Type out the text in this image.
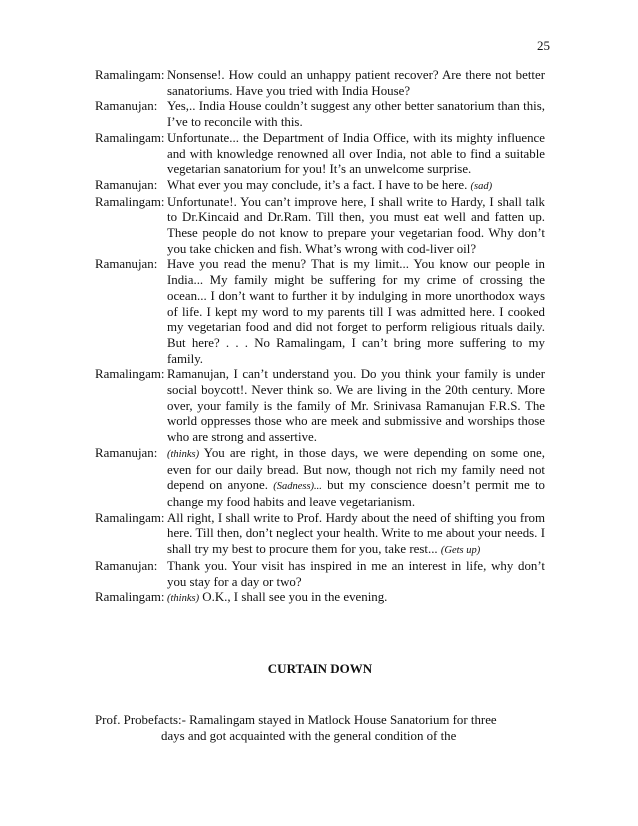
25
Ramalingam: Nonsense!. How could an unhappy patient recover? Are there not better sanatoriums. Have you tried with India House?
Ramanujan: Yes,.. India House couldn’t suggest any other better sanatorium than this, I’ve to reconcile with this.
Ramalingam: Unfortunate... the Department of India Office, with its mighty influence and with knowledge renowned all over India, not able to find a suitable vegetarian sanatorium for you! It’s an unwelcome surprise.
Ramanujan: What ever you may conclude, it’s a fact. I have to be here. (sad)
Ramalingam: Unfortunate!. You can’t improve here, I shall write to Hardy, I shall talk to Dr.Kincaid and Dr.Ram. Till then, you must eat well and fatten up. These people do not know to prepare your vegetarian food. Why don’t you take chicken and fish. What’s wrong with cod-liver oil?
Ramanujan: Have you read the menu? That is my limit... You know our people in India... My family might be suffering for my crime of crossing the ocean... I don’t want to further it by indulging in more unorthodox ways of life. I kept my word to my parents till I was admitted here. I cooked my vegetarian food and did not forget to perform religious rituals daily. But here? . . . No Ramalingam, I can’t bring more suffering to my family.
Ramalingam: Ramanujan, I can’t understand you. Do you think your family is under social boycott!. Never think so. We are living in the 20th century. More over, your family is the family of Mr. Srinivasa Ramanujan F.R.S. The world oppresses those who are meek and submissive and worships those who are strong and assertive.
Ramanujan: (thinks) You are right, in those days, we were depending on some one, even for our daily bread. But now, though not rich my family need not depend on anyone. (Sadness)... but my conscience doesn’t permit me to change my food habits and leave vegetarianism.
Ramalingam: All right, I shall write to Prof. Hardy about the need of shifting you from here. Till then, don’t neglect your health. Write to me about your needs. I shall try my best to procure them for you, take rest... (Gets up)
Ramanujan: Thank you. Your visit has inspired in me an interest in life, why don’t you stay for a day or two?
Ramalingam: (thinks) O.K., I shall see you in the evening.
CURTAIN DOWN
Prof. Probefacts:- Ramalingam stayed in Matlock House Sanatorium for three
days and got acquainted with the general condition of the
